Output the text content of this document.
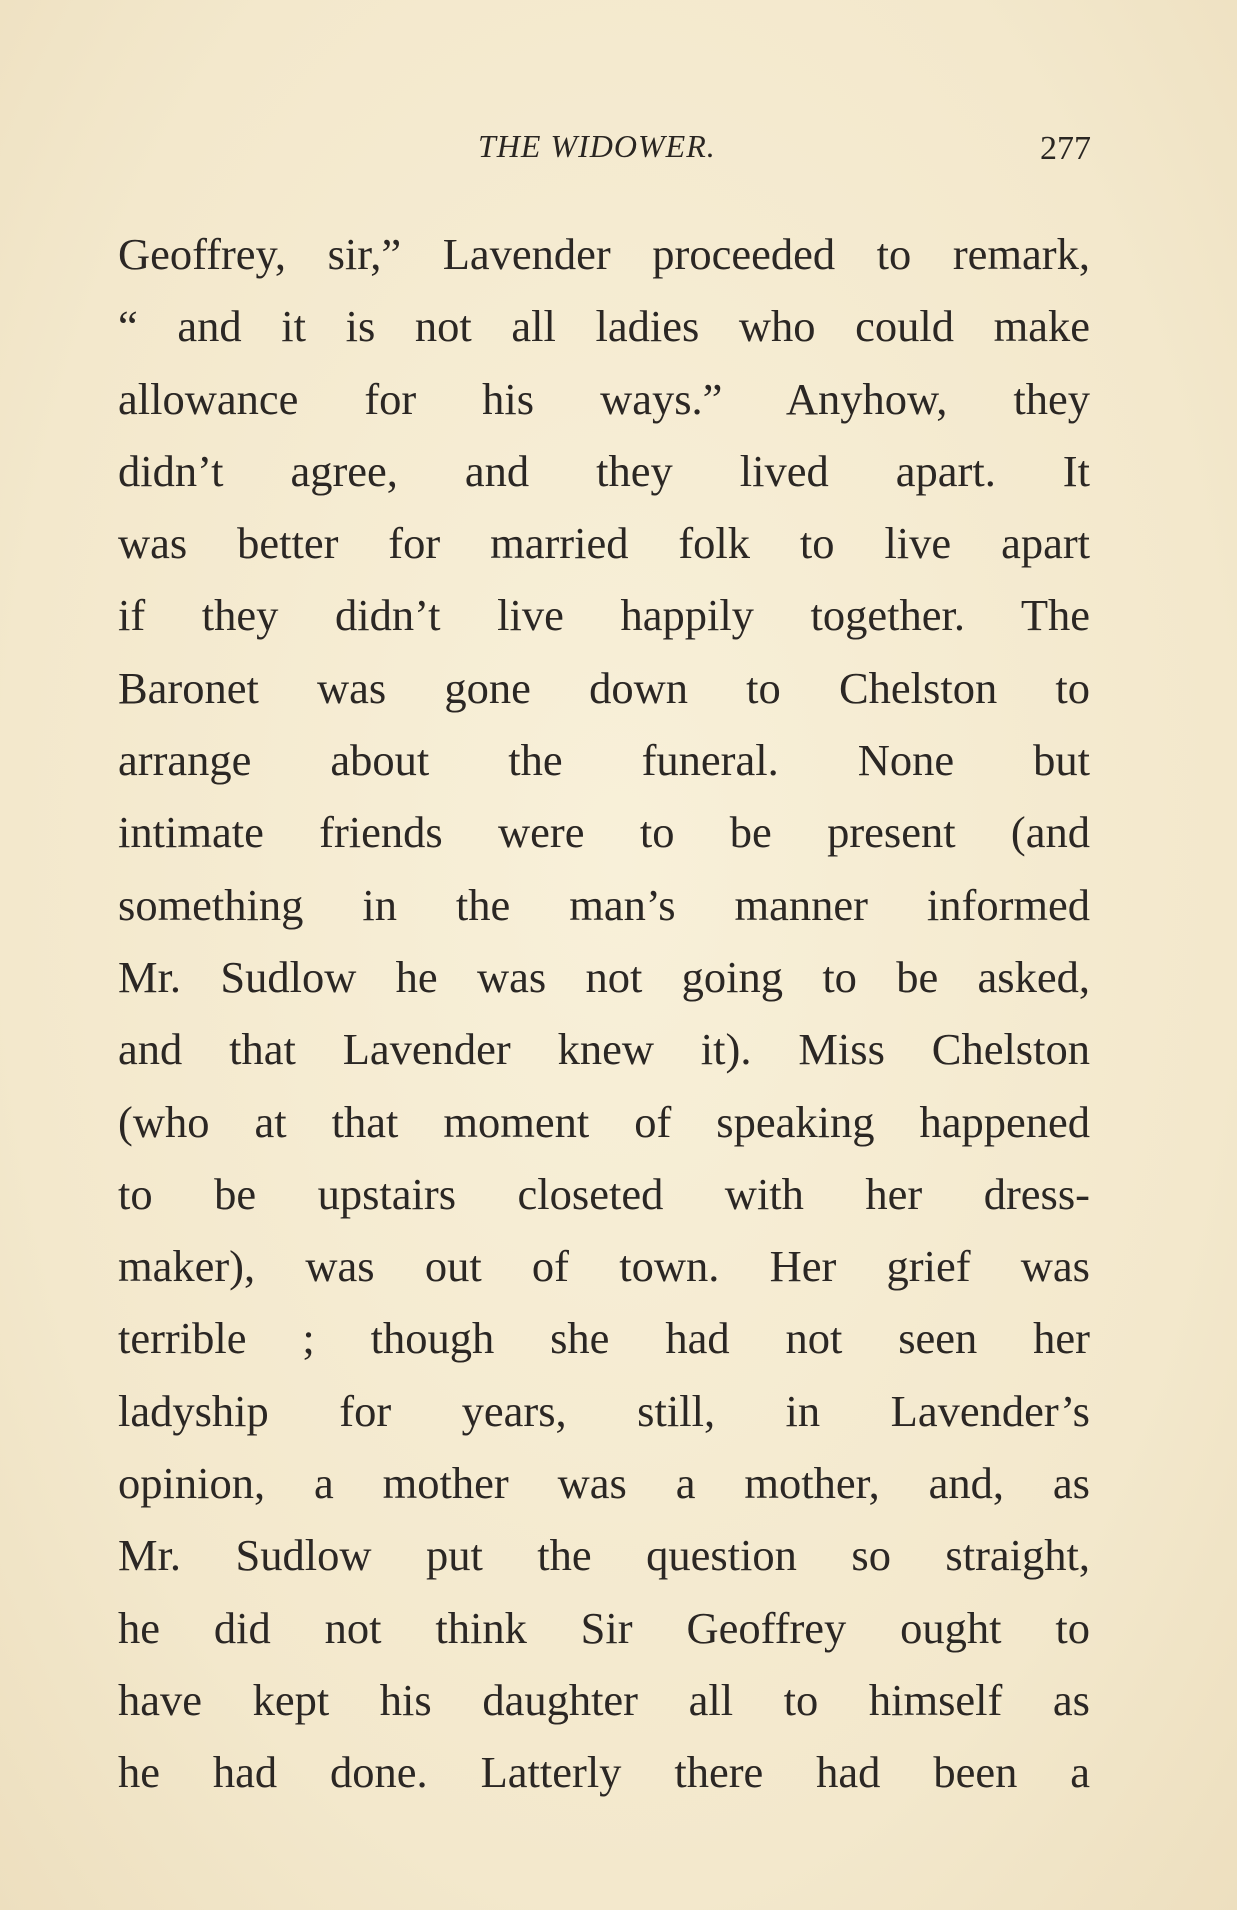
THE WIDOWER.	277
Geoffrey, sir,” Lavender proceeded to remark,
“ and it is not all ladies who could make
allowance for his ways.” Anyhow, they
didn’t agree, and they lived apart. It
was better for married folk to live apart
if they didn’t live happily together. The
Baronet was gone down to Chelston to
arrange about the funeral. None but
intimate friends were to be present (and
something in the man’s manner informed
Mr. Sudlow he was not going to be asked,
and that Lavender knew it). Miss Chelston
(who at that moment of speaking happened
to be upstairs closeted with her dress-
maker), was out of town. Her grief was
terrible ; though she had not seen her
ladyship for years, still, in Lavender’s
opinion, a mother was a mother, and, as
Mr. Sudlow put the question so straight,
he did not think Sir Geoffrey ought to
have kept his daughter all to himself as
he had done. Latterly there had been a
